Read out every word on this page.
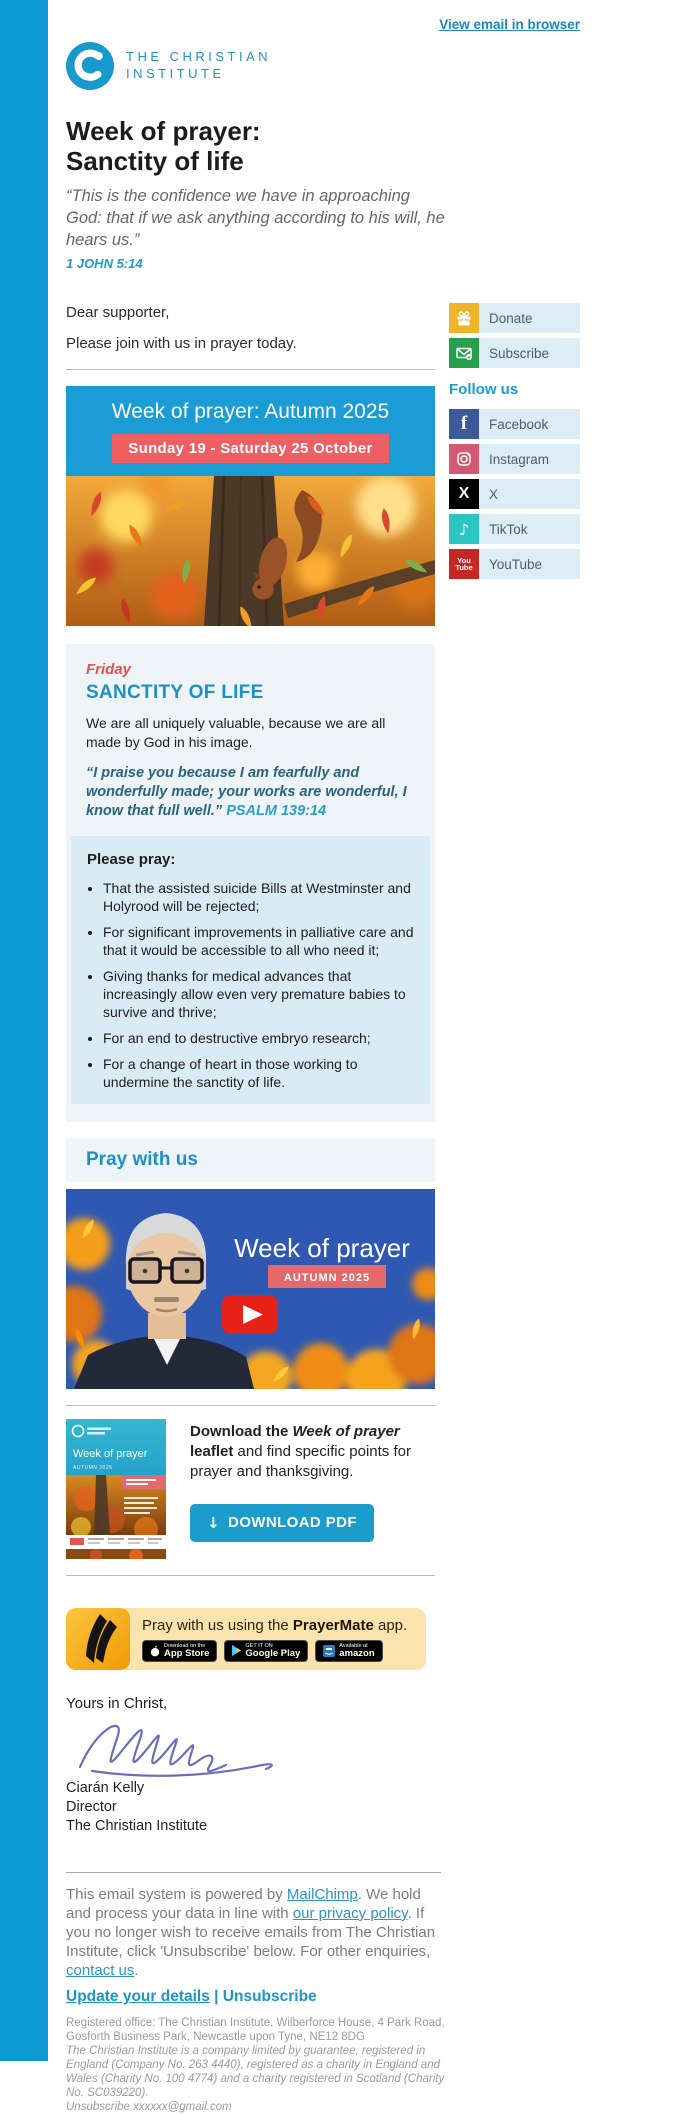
View email in browser
THE CHRISTIAN
INSTITUTE
Week of prayer:
Sanctity of life
“This is the confidence we have in approaching God: that if we ask anything according to his will, he hears us.”
1 JOHN 5:14
Dear supporter,
Please join with us in prayer today.
Week of prayer: Autumn 2025
Sunday 19 - Saturday 25 October
Friday
SANCTITY OF LIFE
We are all uniquely valuable, because we are all made by God in his image.
“I praise you because I am fearfully and wonderfully made; your works are wonderful, I know that full well.” PSALM 139:14
Please pray:
• That the assisted suicide Bills at Westminster and Holyrood will be rejected;
• For significant improvements in palliative care and that it would be accessible to all who need it;
• Giving thanks for medical advances that increasingly allow even very premature babies to survive and thrive;
• For an end to destructive embryo research;
• For a change of heart in those working to undermine the sanctity of life.
Pray with us
Week of prayer
AUTUMN 2025
Week of prayer
AUTUMN 2025
Download the Week of prayer leaflet and find specific points for prayer and thanksgiving.

↓ DOWNLOAD PDF
Pray with us using the PrayerMate app.
Download on the
App Store
GET IT ON
Google Play
Available at
amazon
Yours in Christ,
Ciarán Kelly
Director
The Christian Institute
This email system is powered by MailChimp. We hold and process your data in line with our privacy policy. If you no longer wish to receive emails from The Christian Institute, click 'Unsubscribe' below. For other enquiries, contact us.
Update your details | Unsubscribe
Registered office: The Christian Institute, Wilberforce House, 4 Park Road, Gosforth Business Park, Newcastle upon Tyne, NE12 8DG
The Christian Institute is a company limited by guarantee, registered in England (Company No. 263 4440), registered as a charity in England and Wales (Charity No. 100 4774) and a charity registered in Scotland (Charity No. SC039220).
Unsubscribe xxxxxx@gmail.com
Donate
Subscribe
Follow us
f	Facebook
Instagram
X	X
♪	TikTok
You
Tube	YouTube
